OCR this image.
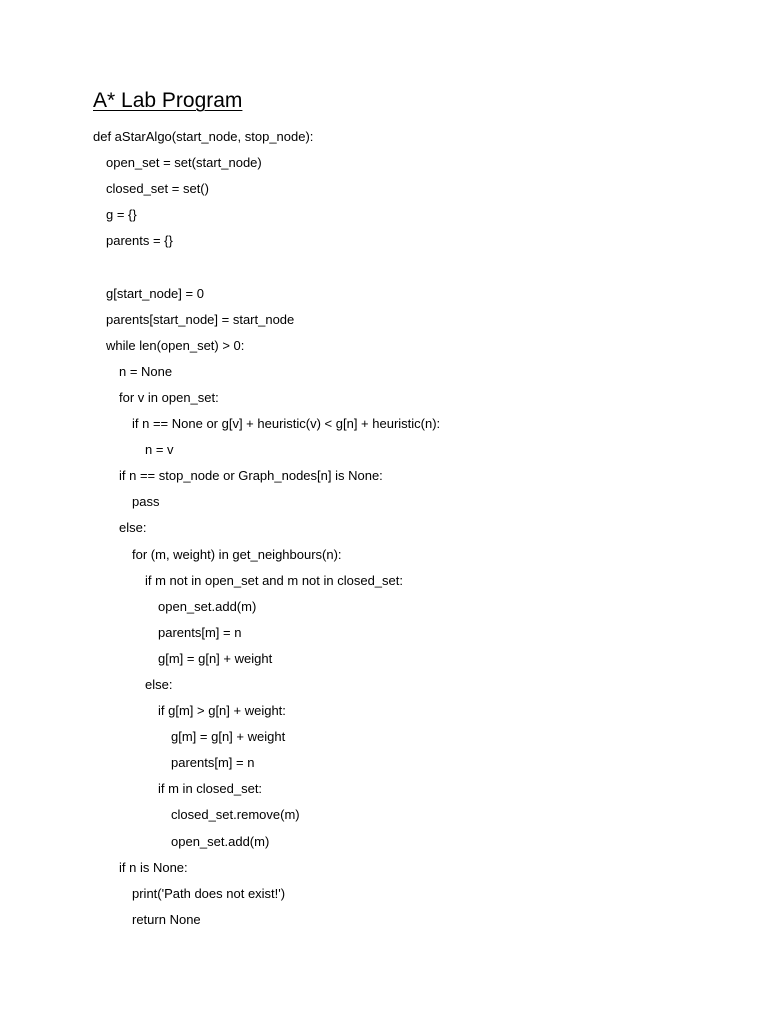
A* Lab Program
def aStarAlgo(start_node, stop_node):
open_set = set(start_node)
closed_set = set()
g = {}
parents = {}
g[start_node] = 0
parents[start_node] = start_node
while len(open_set) > 0:
n = None
for v in open_set:
if n == None or g[v] + heuristic(v) < g[n] + heuristic(n):
n = v
if n == stop_node or Graph_nodes[n] is None:
pass
else:
for (m, weight) in get_neighbours(n):
if m not in open_set and m not in closed_set:
open_set.add(m)
parents[m] = n
g[m] = g[n] + weight
else:
if g[m] > g[n] + weight:
g[m] = g[n] + weight
parents[m] = n
if m in closed_set:
closed_set.remove(m)
open_set.add(m)
if n is None:
print('Path does not exist!')
return None
